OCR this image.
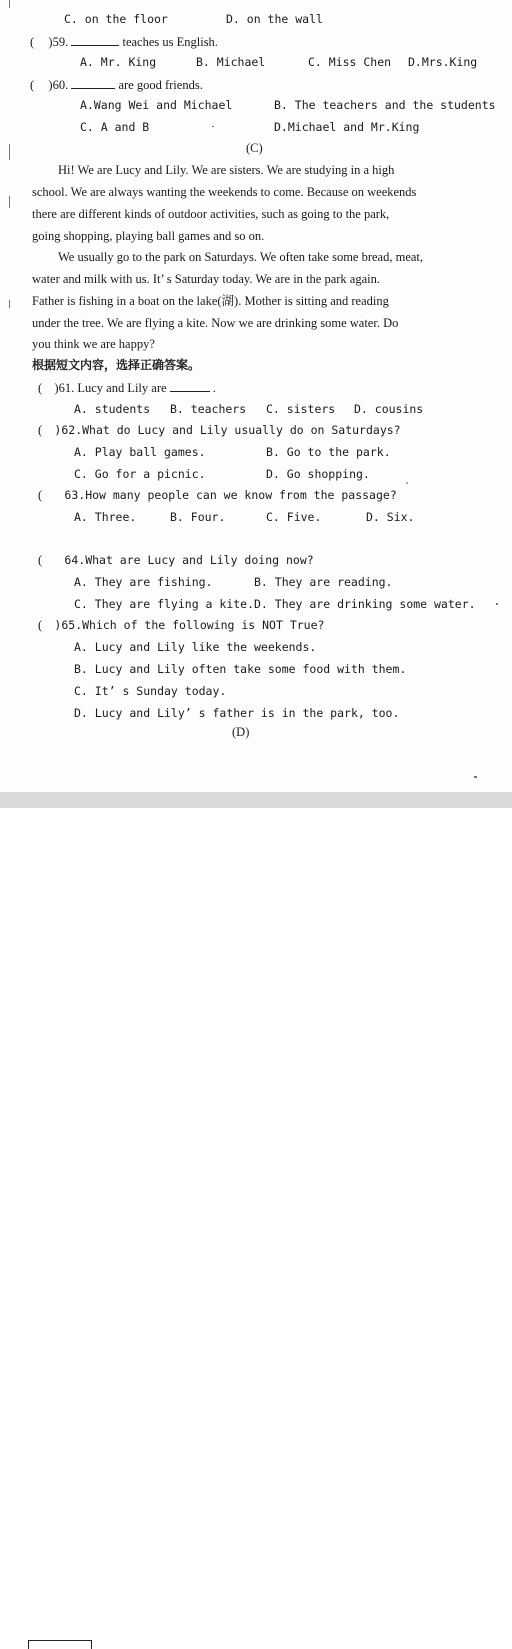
C. on the floor	D. on the wall
( )59.	teaches us English.
A. Mr. King	B. Michael	C. Miss Chen D.Mrs.King
( )60.	are good friends.
A.Wang Wei and Michael	B. The teachers and the students
C. A and B	D.Michael and Mr.King
(C)
Hi! We are Lucy and Lily. We are sisters. We are studying in a high
school. We are always wanting the weekends to come. Because on weekends
there are different kinds of outdoor activities, such as going to the park,
going shopping, playing ball games and so on.
We usually go to the park on Saturdays. We often take some bread, meat,
water and milk with us. It’ s Saturday today. We are in the park again.
Father is fishing in a boat on the lake(湖). Mother is sitting and reading
under the tree. We are flying a kite. Now we are drinking some water. Do
you think we are happy?
根据短文内容，选择正确答案。
( )61. Lucy and Lily are	.
A. students B. teachers C. sisters D. cousins
( )62.What do Lucy and Lily usually do on Saturdays?
A. Play ball games.	B. Go to the park.
C. Go for a picnic.	D. Go shopping.
( 63.How many people can we know from the passage?
A. Three.	B. Four.	C. Five.	D. Six.
( 64.What are Lucy and Lily doing now?
A. They are fishing.	B. They are reading.
C. They are flying a kite. D. They are drinking some water.
( )65.Which of the following is NOT True?
A. Lucy and Lily like the weekends.
B. Lucy and Lily often take some food with them.
C. It’ s Sunday today.
D. Lucy and Lily’ s father is in the park, too.
(D)
